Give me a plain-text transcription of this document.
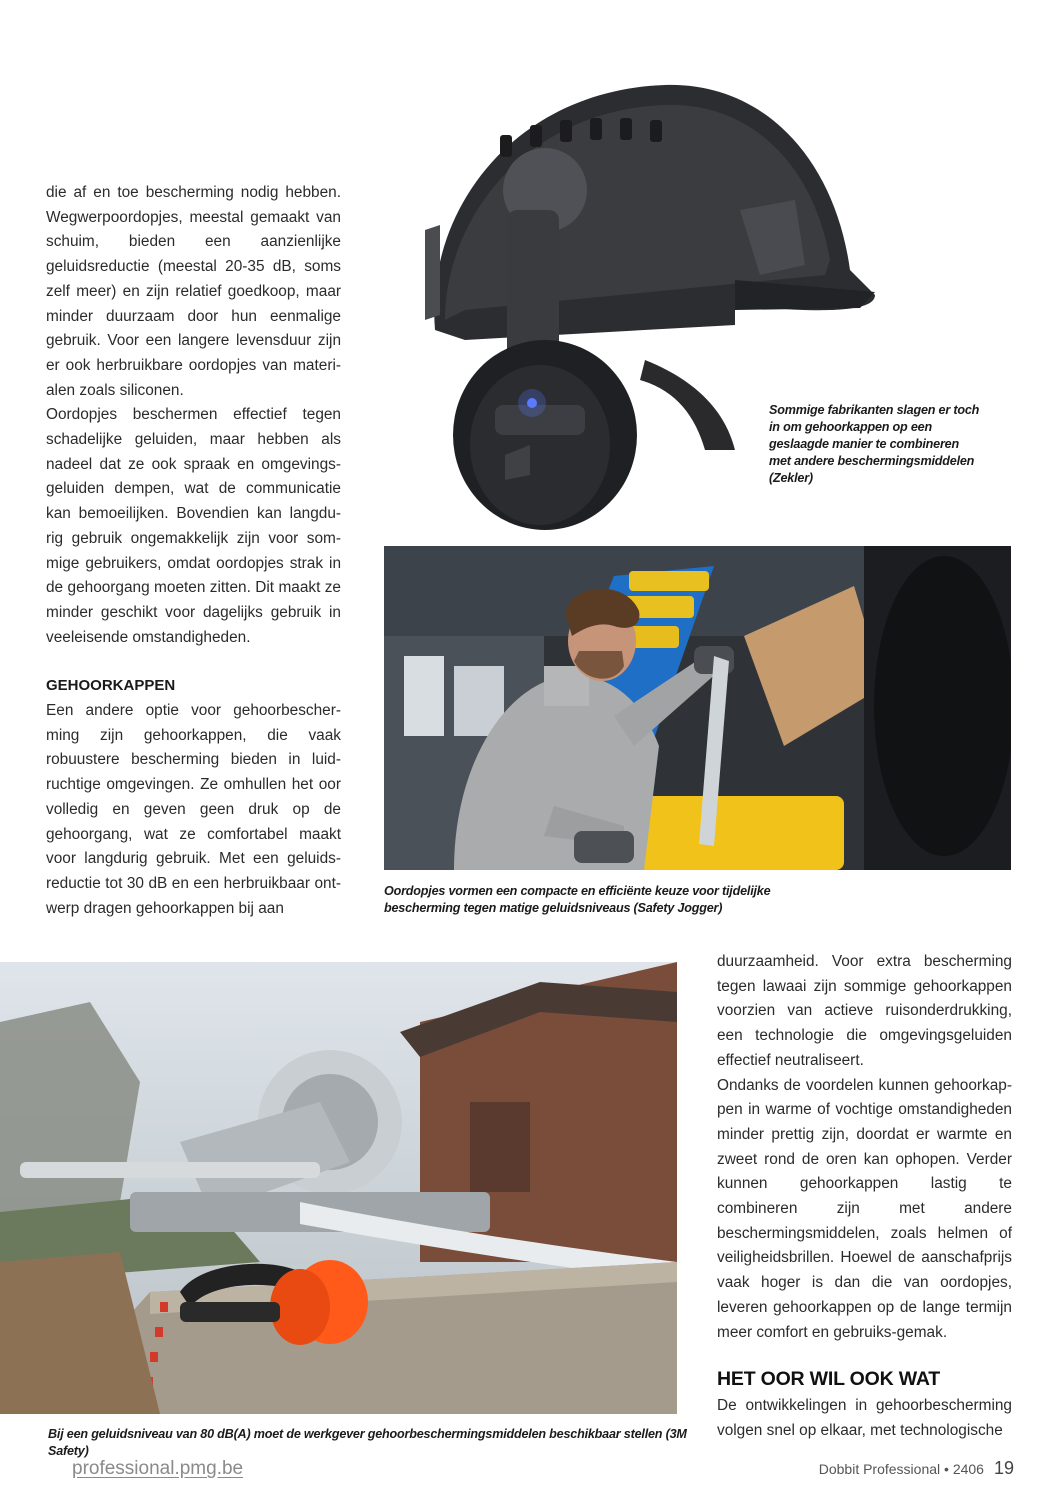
die af en toe bescherming nodig hebben. Wegwerpoordopjes, meestal gemaakt van schuim, bieden een aanzienlijke geluidsreductie (meestal 20-35 dB, soms zelf meer) en zijn relatief goedkoop, maar minder duurzaam door hun eenmalige gebruik. Voor een langere levensduur zijn er ook herbruikbare oordopjes van materi-alen zoals siliconen.

Oordopjes beschermen effectief tegen schadelijke geluiden, maar hebben als nadeel dat ze ook spraak en omgevings-geluiden dempen, wat de communicatie kan bemoeilijken. Bovendien kan langdu-rig gebruik ongemakkelijk zijn voor som-mige gebruikers, omdat oordopjes strak in de gehoorgang moeten zitten. Dit maakt ze minder geschikt voor dagelijks gebruik in veeleisende omstandigheden.

GEHOORKAPPEN

Een andere optie voor gehoorbescher-ming zijn gehoorkappen, die vaak robuustere bescherming bieden in luid-ruchtige omgevingen. Ze omhullen het oor volledig en geven geen druk op de gehoorgang, wat ze comfortabel maakt voor langdurig gebruik. Met een geluids-reductie tot 30 dB en een herbruikbaar ont-werp dragen gehoorkappen bij aan

Sommige fabrikanten slagen er toch in om gehoorkappen op een geslaagde manier te combineren met andere beschermingsmiddelen (Zekler)
Oordopjes vormen een compacte en efficiënte keuze voor tijdelijke bescherming tegen matige geluidsniveaus (Safety Jogger)
Bij een geluidsniveau van 80 dB(A) moet de werkgever gehoorbeschermingsmiddelen beschikbaar stellen (3M Safety)

duurzaamheid. Voor extra bescherming tegen lawaai zijn sommige gehoorkappen voorzien van actieve ruisonderdrukking, een technologie die omgevingsgeluiden effectief neutraliseert.

Ondanks de voordelen kunnen gehoorkap-pen in warme of vochtige omstandigheden minder prettig zijn, doordat er warmte en zweet rond de oren kan ophopen. Verder kunnen gehoorkappen lastig te combineren zijn met andere beschermingsmiddelen, zoals helmen of veiligheidsbrillen. Hoewel de aanschafprijs vaak hoger is dan die van oordopjes, leveren gehoorkappen op de lange termijn meer comfort en gebruiks-gemak.

HET OOR WIL OOK WAT

De ontwikkelingen in gehoorbescherming volgen snel op elkaar, met technologische

professional.pmg.be	Dobbit Professional • 2406 19
